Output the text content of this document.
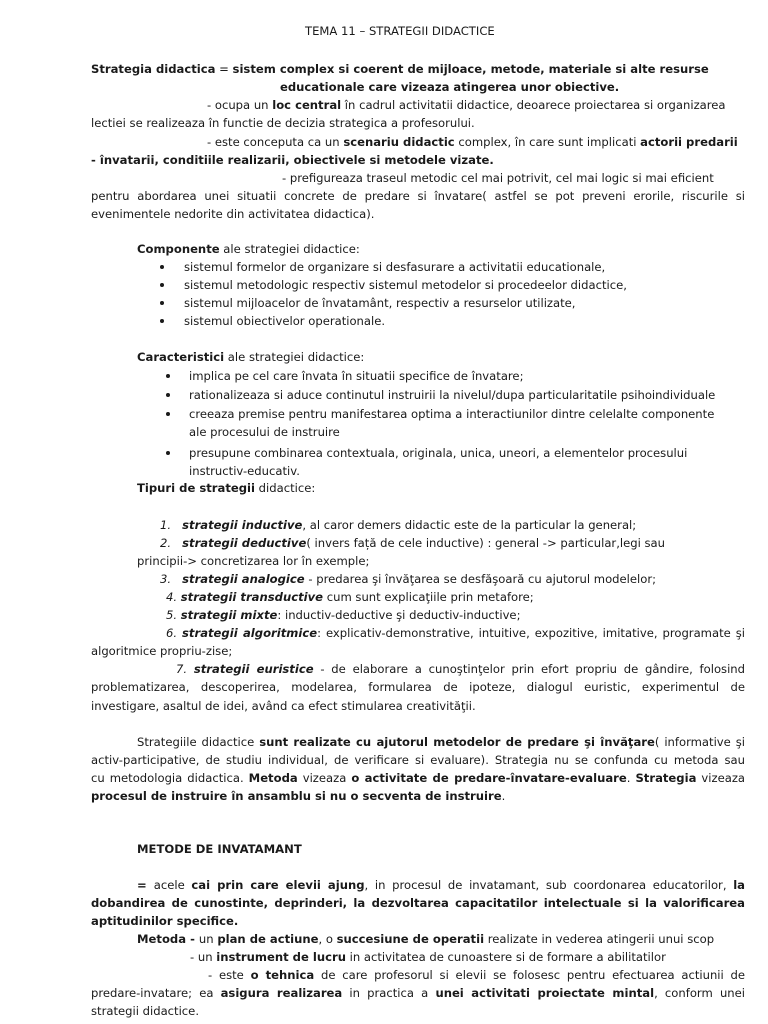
TEMA 11 – STRATEGII DIDACTICE
Strategia didactica = sistem complex si coerent de mijloace, metode, materiale si alte resurse
educationale care vizeaza atingerea unor obiective.
- ocupa un loc central în cadrul activitatii didactice, deoarece proiectarea si organizarea
lectiei se realizeaza în functie de decizia strategica a profesorului.
- este conceputa ca un scenariu didactic complex, în care sunt implicati actorii predarii
- învatarii, conditiile realizarii, obiectivele si metodele vizate.
- prefigureaza traseul metodic cel mai potrivit, cel mai logic si mai eficient
pentru abordarea unei situatii concrete de predare si învatare( astfel se pot preveni erorile, riscurile si
evenimentele nedorite din activitatea didactica).
Componente ale strategiei didactice:
sistemul formelor de organizare si desfasurare a activitatii educationale,
sistemul metodologic respectiv sistemul metodelor si procedeelor didactice,
sistemul mijloacelor de învatamânt, respectiv a resurselor utilizate,
sistemul obiectivelor operationale.
Caracteristici ale strategiei didactice:
implica pe cel care învata în situatii specifice de învatare;
rationalizeaza si aduce continutul instruirii la nivelul/dupa particularitatile psihoindividuale
creeaza premise pentru manifestarea optima a interactiunilor dintre celelalte componente
ale procesului de instruire
presupune combinarea contextuala, originala, unica, uneori, a elementelor procesului
instructiv-educativ.
Tipuri de strategii didactice:
1. strategii inductive, al caror demers didactic este de la particular la general;
2. strategii deductive( invers față de cele inductive) : general -> particular,legi sau
principii-> concretizarea lor în exemple;
3. strategii analogice - predarea şi învăţarea se desfăşoară cu ajutorul modelelor;
4. strategii transductive cum sunt explicaţiile prin metafore;
5. strategii mixte: inductiv-deductive şi deductiv-inductive;
6. strategii algoritmice: explicativ-demonstrative, intuitive, expozitive, imitative, programate şi
algoritmice propriu-zise;
7. strategii euristice - de elaborare a cunoştinţelor prin efort propriu de gândire, folosind
problematizarea, descoperirea, modelarea, formularea de ipoteze, dialogul euristic, experimentul de
investigare, asaltul de idei, având ca efect stimularea creativităţii.
Strategiile didactice sunt realizate cu ajutorul metodelor de predare şi învăţare( informative şi
activ-participative, de studiu individual, de verificare si evaluare). Strategia nu se confunda cu metoda sau
cu metodologia didactica. Metoda vizeaza o activitate de predare-învatare-evaluare. Strategia vizeaza
procesul de instruire în ansamblu si nu o secventa de instruire.
METODE DE INVATAMANT
= acele cai prin care elevii ajung, in procesul de invatamant, sub coordonarea educatorilor, la
dobandirea de cunostinte, deprinderi, la dezvoltarea capacitatilor intelectuale si la valorificarea
aptitudinilor specifice.
Metoda - un plan de actiune, o succesiune de operatii realizate in vederea atingerii unui scop
- un instrument de lucru in activitatea de cunoastere si de formare a abilitatilor
- este o tehnica de care profesorul si elevii se folosesc pentru efectuarea actiunii de
predare-invatare; ea asigura realizarea in practica a unei activitati proiectate mintal, conform unei
strategii didactice.
